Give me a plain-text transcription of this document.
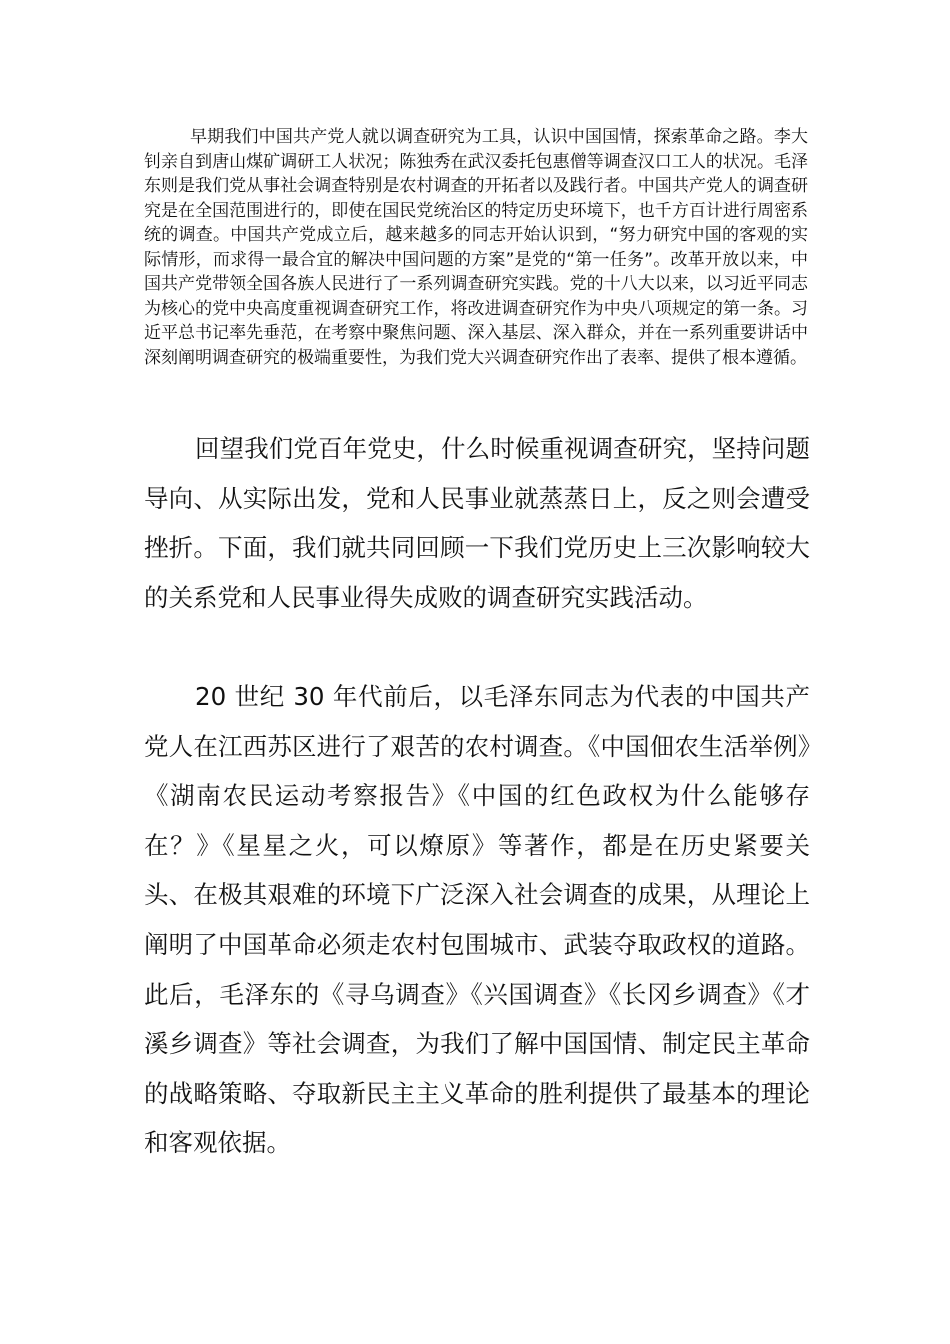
早期我们中国共产党人就以调查研究为工具，认识中国国情，探索革命之路。李大钊亲自到唐山煤矿调研工人状况；陈独秀在武汉委托包惠僧等调查汉口工人的状况。毛泽东则是我们党从事社会调查特别是农村调查的开拓者以及践行者。中国共产党人的调查研究是在全国范围进行的，即使在国民党统治区的特定历史环境下，也千方百计进行周密系统的调查。中国共产党成立后，越来越多的同志开始认识到，“努力研究中国的客观的实际情形，而求得一最合宜的解决中国问题的方案”是党的“第一任务”。改革开放以来，中国共产党带领全国各族人民进行了一系列调查研究实践。党的十八大以来，以习近平同志为核心的党中央高度重视调查研究工作，将改进调查研究作为中央八项规定的第一条。习近平总书记率先垂范，在考察中聚焦问题、深入基层、深入群众，并在一系列重要讲话中深刻阐明调查研究的极端重要性，为我们党大兴调查研究作出了表率、提供了根本遵循。

回望我们党百年党史，什么时候重视调查研究，坚持问题导向、从实际出发，党和人民事业就蒸蒸日上，反之则会遭受挫折。下面，我们就共同回顾一下我们党历史上三次影响较大的关系党和人民事业得失成败的调查研究实践活动。

20 世纪 30 年代前后，以毛泽东同志为代表的中国共产党人在江西苏区进行了艰苦的农村调查。《中国佃农生活举例》《湖南农民运动考察报告》《中国的红色政权为什么能够存在？》《星星之火，可以燎原》等著作，都是在历史紧要关头、在极其艰难的环境下广泛深入社会调查的成果，从理论上阐明了中国革命必须走农村包围城市、武装夺取政权的道路。此后，毛泽东的《寻乌调查》《兴国调查》《长冈乡调查》《才溪乡调查》等社会调查，为我们了解中国国情、制定民主革命的战略策略、夺取新民主主义革命的胜利提供了最基本的理论和客观依据。
